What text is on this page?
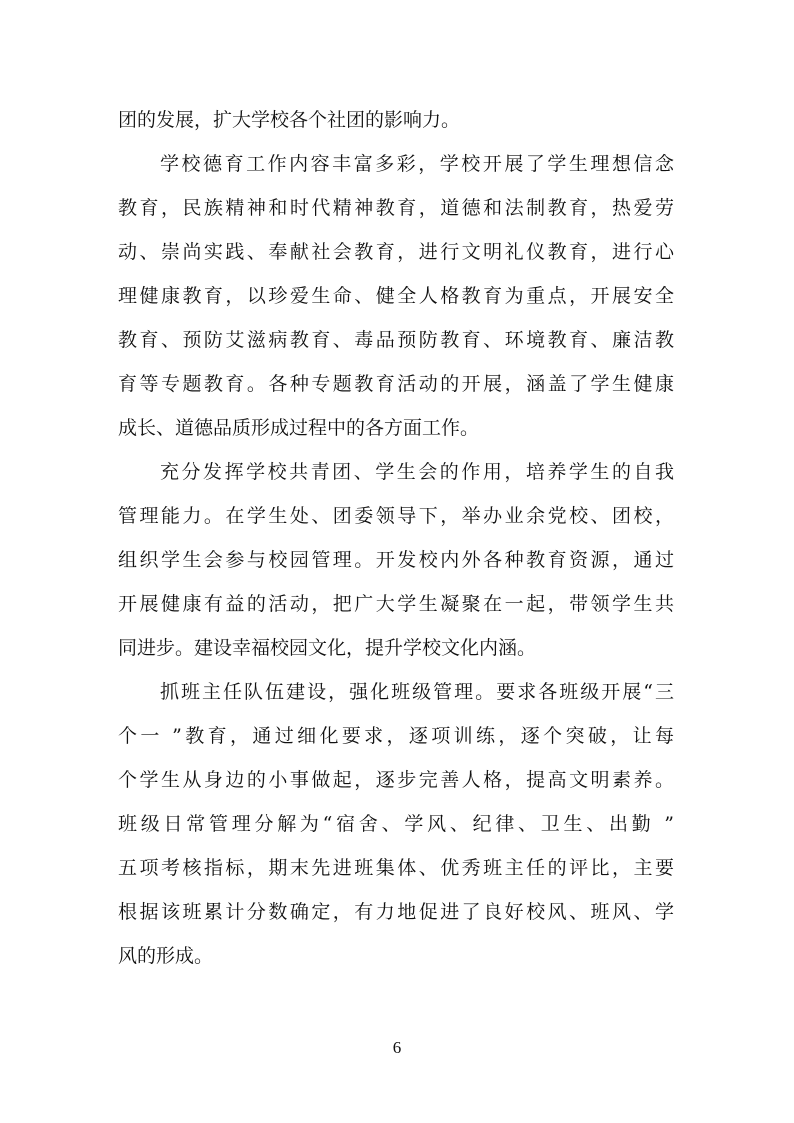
团的发展，扩大学校各个社团的影响力。
学校德育工作内容丰富多彩，学校开展了学生理想信念
教育，民族精神和时代精神教育，道德和法制教育，热爱劳
动、崇尚实践、奉献社会教育，进行文明礼仪教育，进行心
理健康教育，以珍爱生命、健全人格教育为重点，开展安全
教育、预防艾滋病教育、毒品预防教育、环境教育、廉洁教
育等专题教育。各种专题教育活动的开展，涵盖了学生健康
成长、道德品质形成过程中的各方面工作。
充分发挥学校共青团、学生会的作用，培养学生的自我
管理能力。在学生处、团委领导下，举办业余党校、团校，
组织学生会参与校园管理。开发校内外各种教育资源，通过
开展健康有益的活动，把广大学生凝聚在一起，带领学生共
同进步。建设幸福校园文化，提升学校文化内涵。
抓班主任队伍建设，强化班级管理。要求各班级开展“三
个一 ”教育，通过细化要求，逐项训练，逐个突破，让每
个学生从身边的小事做起，逐步完善人格，提高文明素养。
班级日常管理分解为“宿舍、学风、纪律、卫生、出勤 ”
五项考核指标，期末先进班集体、优秀班主任的评比，主要
根据该班累计分数确定，有力地促进了良好校风、班风、学
风的形成。
6
